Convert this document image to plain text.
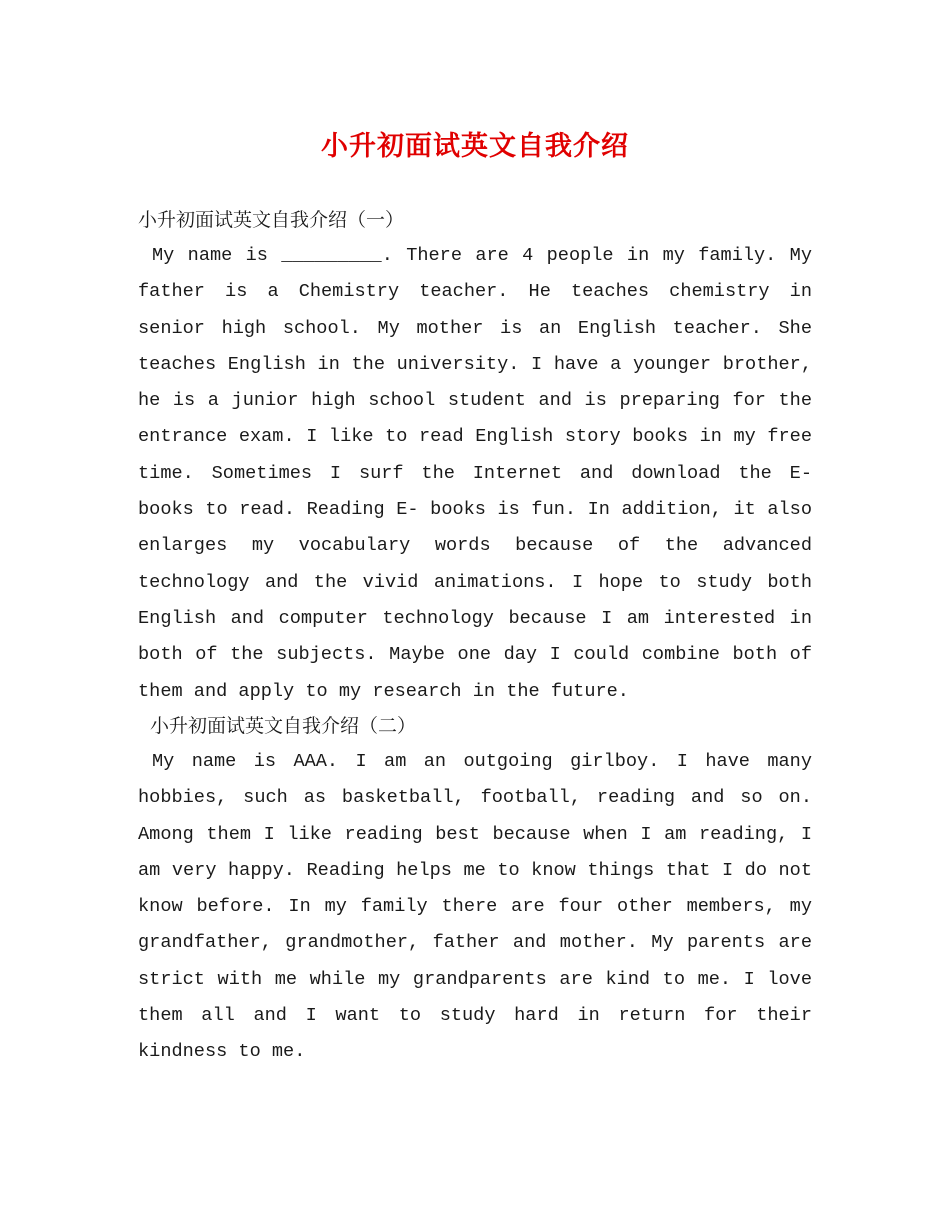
小升初面试英文自我介绍
小升初面试英文自我介绍（一）

My name is _________. There are 4 people in my family. My father is a Chemistry teacher. He teaches chemistry in senior high school. My mother is an English teacher. She teaches English in the university. I have a younger brother, he is a junior high school student and is preparing for the entrance exam. I like to read English story books in my free time. Sometimes I surf the Internet and download the E- books to read. Reading E- books is fun. In addition, it also enlarges my vocabulary words because of the advanced technology and the vivid animations. I hope to study both English and computer technology because I am interested in both of the subjects. Maybe one day I could combine both of them and apply to my research in the future.

小升初面试英文自我介绍（二）

My name is AAA. I am an outgoing girlboy. I have many hobbies, such as basketball, football, reading and so on. Among them I like reading best because when I am reading, I am very happy. Reading helps me to know things that I do not know before. In my family there are four other members, my grandfather, grandmother, father and mother. My parents are strict with me while my grandparents are kind to me. I love them all and I want to study hard in return for their kindness to me.
